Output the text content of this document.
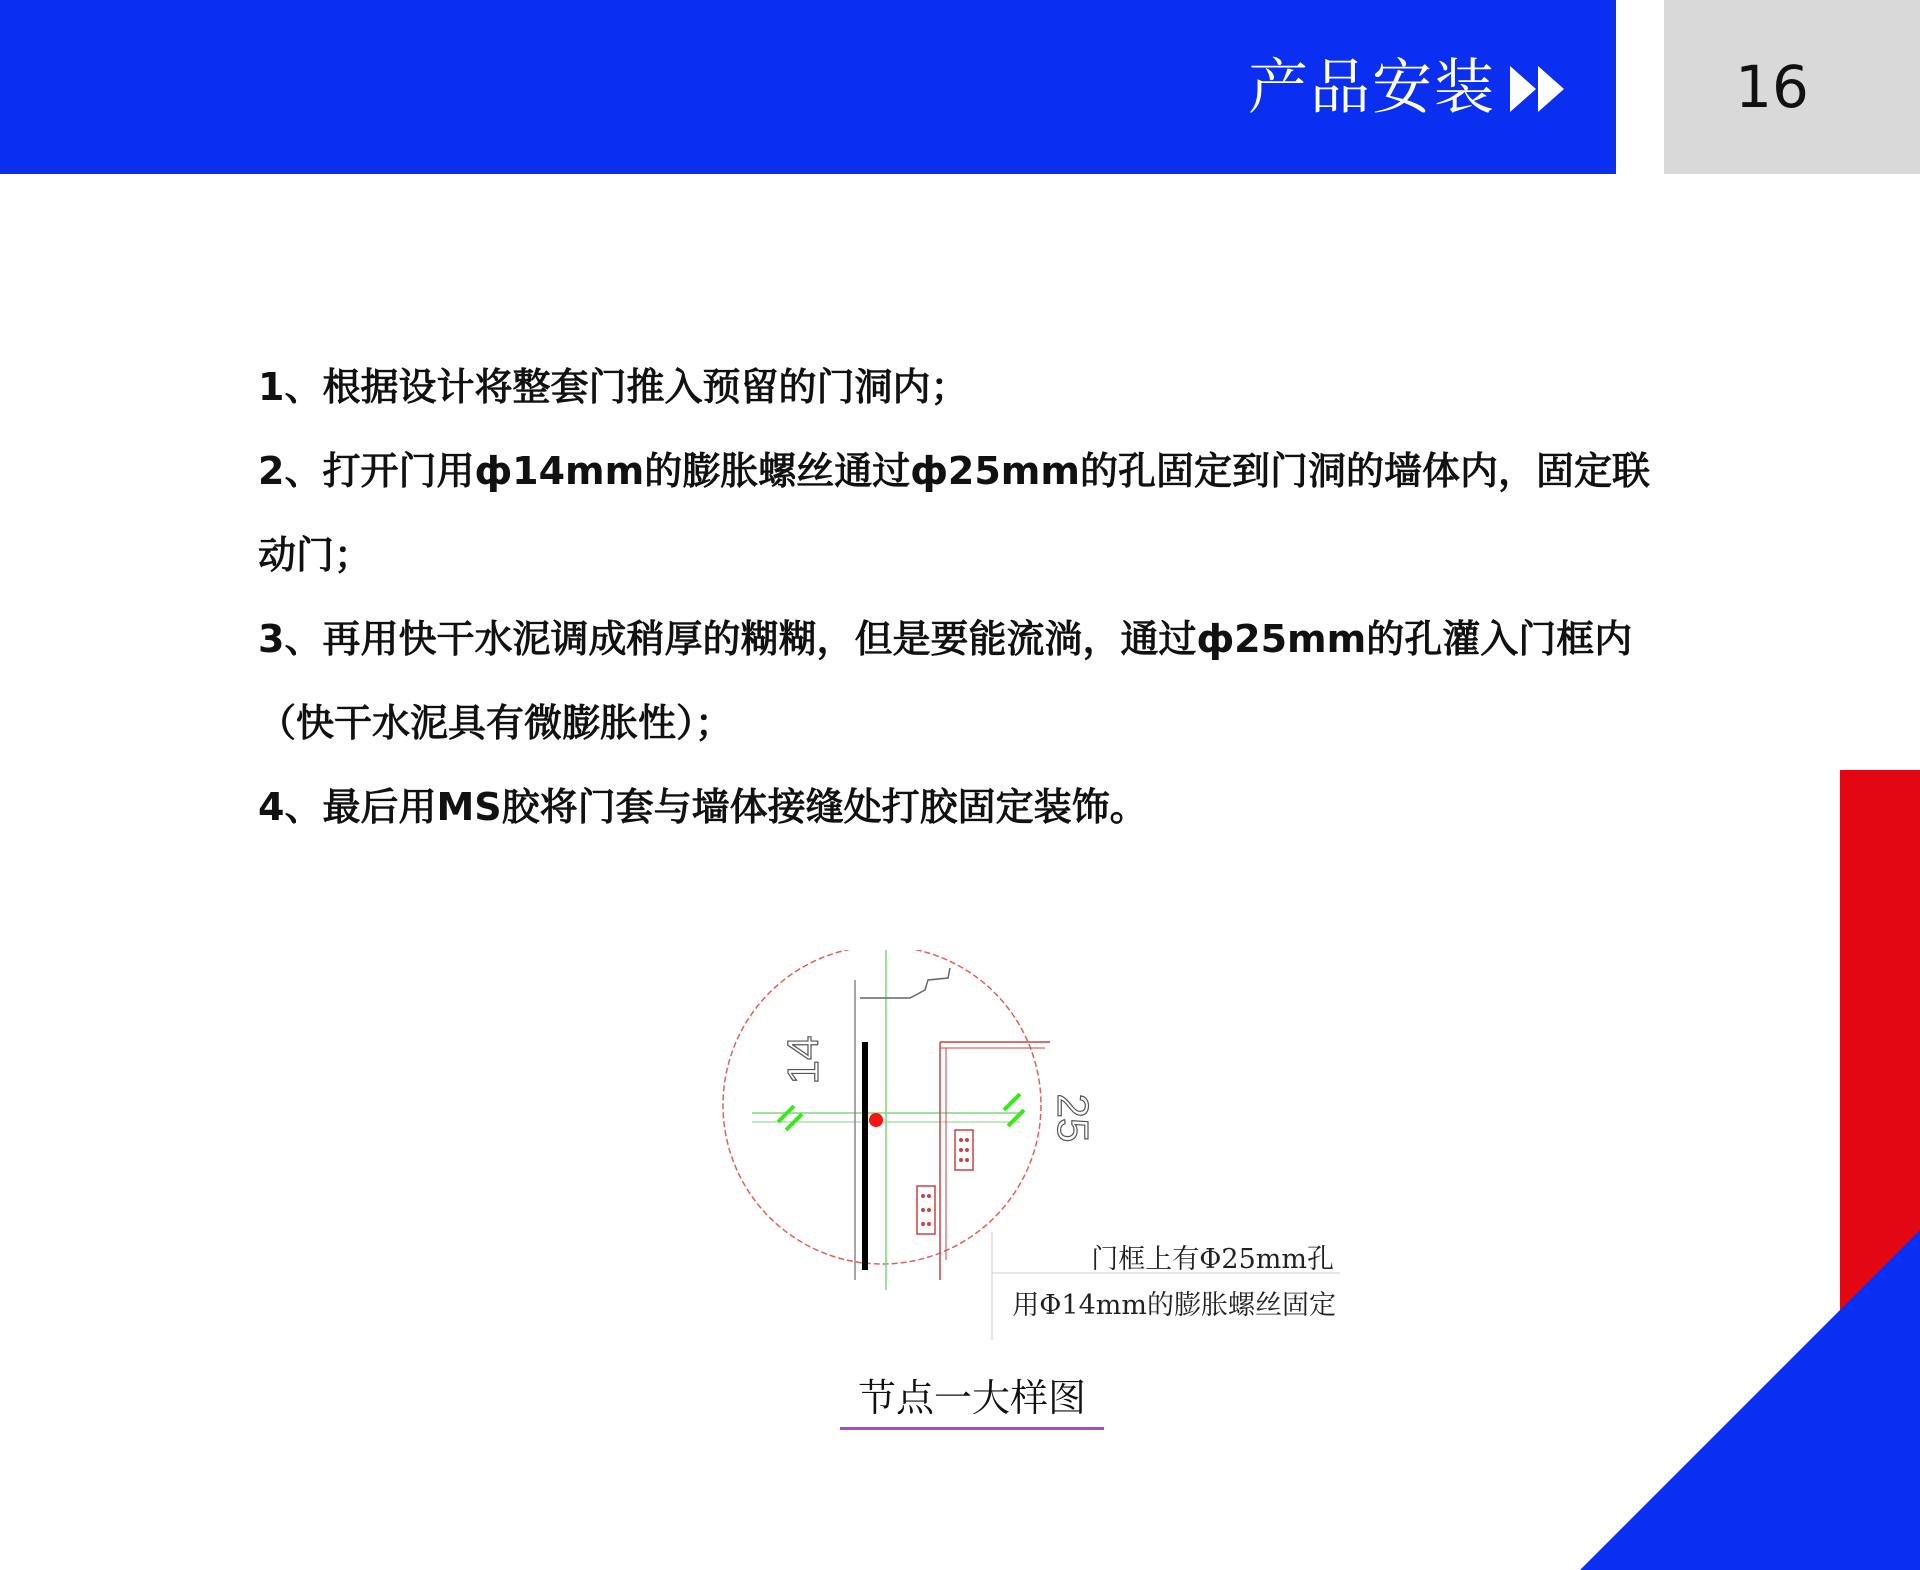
产品安装	16

1、根据设计将整套门推入预留的门洞内；

2、打开门用ф14mm的膨胀螺丝通过ф25mm的孔固定到门洞的墙体内，固定联动门；

3、再用快干水泥调成稍厚的糊糊，但是要能流淌，通过ф25mm的孔灌入门框内（快干水泥具有微膨胀性）；

4、最后用MS胶将门套与墙体接缝处打胶固定装饰。

14
25
门框上有Φ25mm孔
用Φ14mm的膨胀螺丝固定
节点一大样图
